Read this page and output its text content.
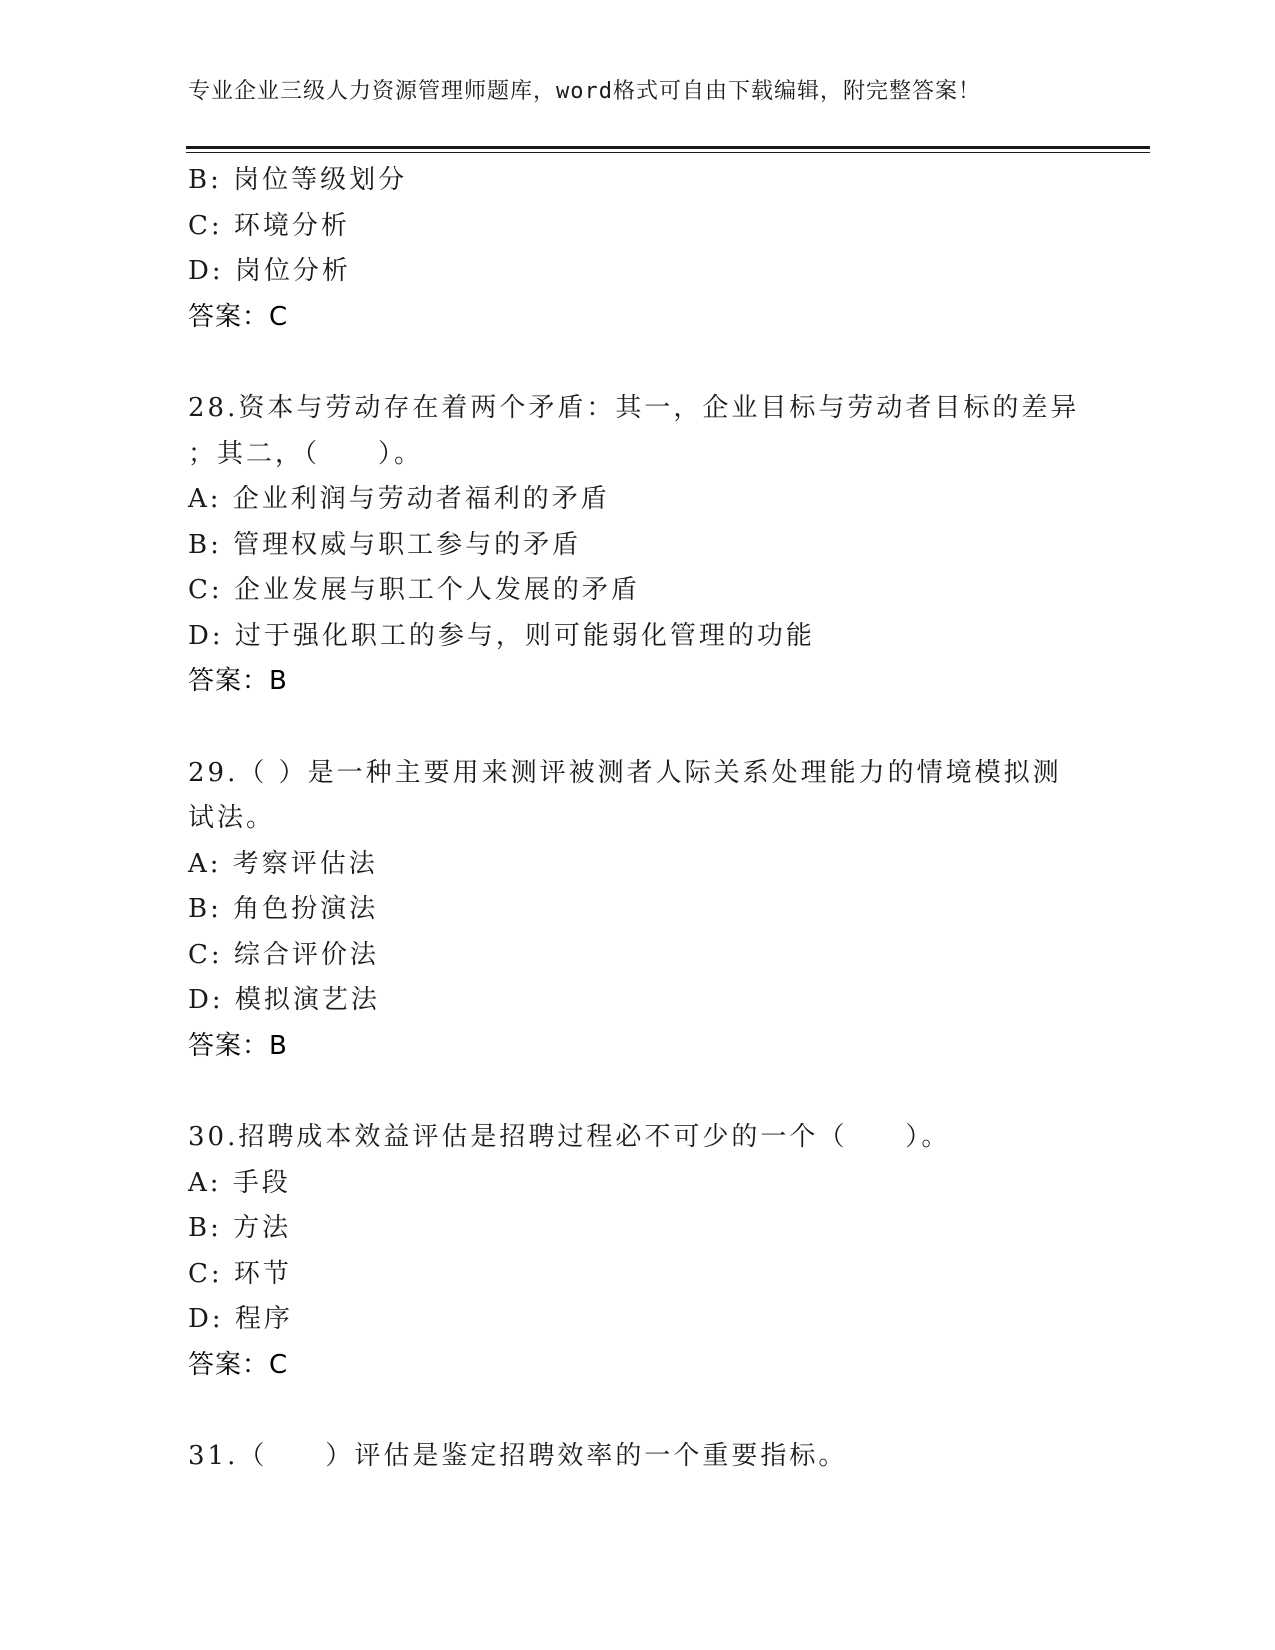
专业企业三级人力资源管理师题库，word格式可自由下载编辑，附完整答案！
B: 岗位等级划分
C: 环境分析
D: 岗位分析
答案：C
28.资本与劳动存在着两个矛盾：其一，企业目标与劳动者目标的差异
；其二，（　　）。
A: 企业利润与劳动者福利的矛盾
B: 管理权威与职工参与的矛盾
C: 企业发展与职工个人发展的矛盾
D: 过于强化职工的参与，则可能弱化管理的功能
答案：B
29.（ ）是一种主要用来测评被测者人际关系处理能力的情境模拟测
试法。
A: 考察评估法
B: 角色扮演法
C: 综合评价法
D: 模拟演艺法
答案：B
30.招聘成本效益评估是招聘过程必不可少的一个（　　）。
A: 手段
B: 方法
C: 环节
D: 程序
答案：C
31.（　　）评估是鉴定招聘效率的一个重要指标。
